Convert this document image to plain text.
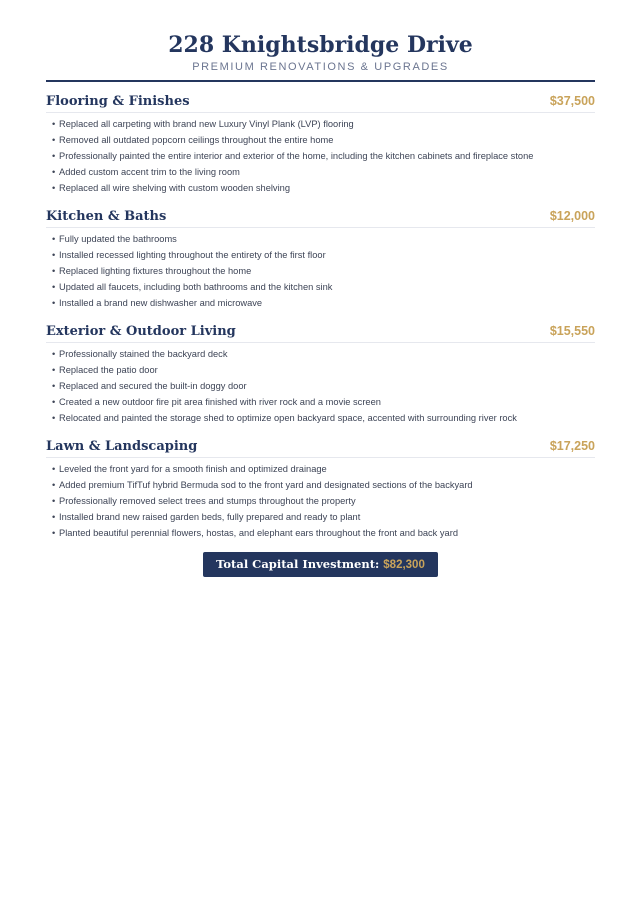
228 Knightsbridge Drive
PREMIUM RENOVATIONS & UPGRADES
Flooring & Finishes	$37,500
• Replaced all carpeting with brand new Luxury Vinyl Plank (LVP) flooring
• Removed all outdated popcorn ceilings throughout the entire home
• Professionally painted the entire interior and exterior of the home, including the kitchen cabinets and fireplace stone
• Added custom accent trim to the living room
• Replaced all wire shelving with custom wooden shelving
Kitchen & Baths	$12,000
• Fully updated the bathrooms
• Installed recessed lighting throughout the entirety of the first floor
• Replaced lighting fixtures throughout the home
• Updated all faucets, including both bathrooms and the kitchen sink
• Installed a brand new dishwasher and microwave
Exterior & Outdoor Living	$15,550
• Professionally stained the backyard deck
• Replaced the patio door
• Replaced and secured the built-in doggy door
• Created a new outdoor fire pit area finished with river rock and a movie screen
• Relocated and painted the storage shed to optimize open backyard space, accented with surrounding river rock
Lawn & Landscaping	$17,250
• Leveled the front yard for a smooth finish and optimized drainage
• Added premium TifTuf hybrid Bermuda sod to the front yard and designated sections of the backyard
• Professionally removed select trees and stumps throughout the property
• Installed brand new raised garden beds, fully prepared and ready to plant
• Planted beautiful perennial flowers, hostas, and elephant ears throughout the front and back yard
Total Capital Investment: $82,300
